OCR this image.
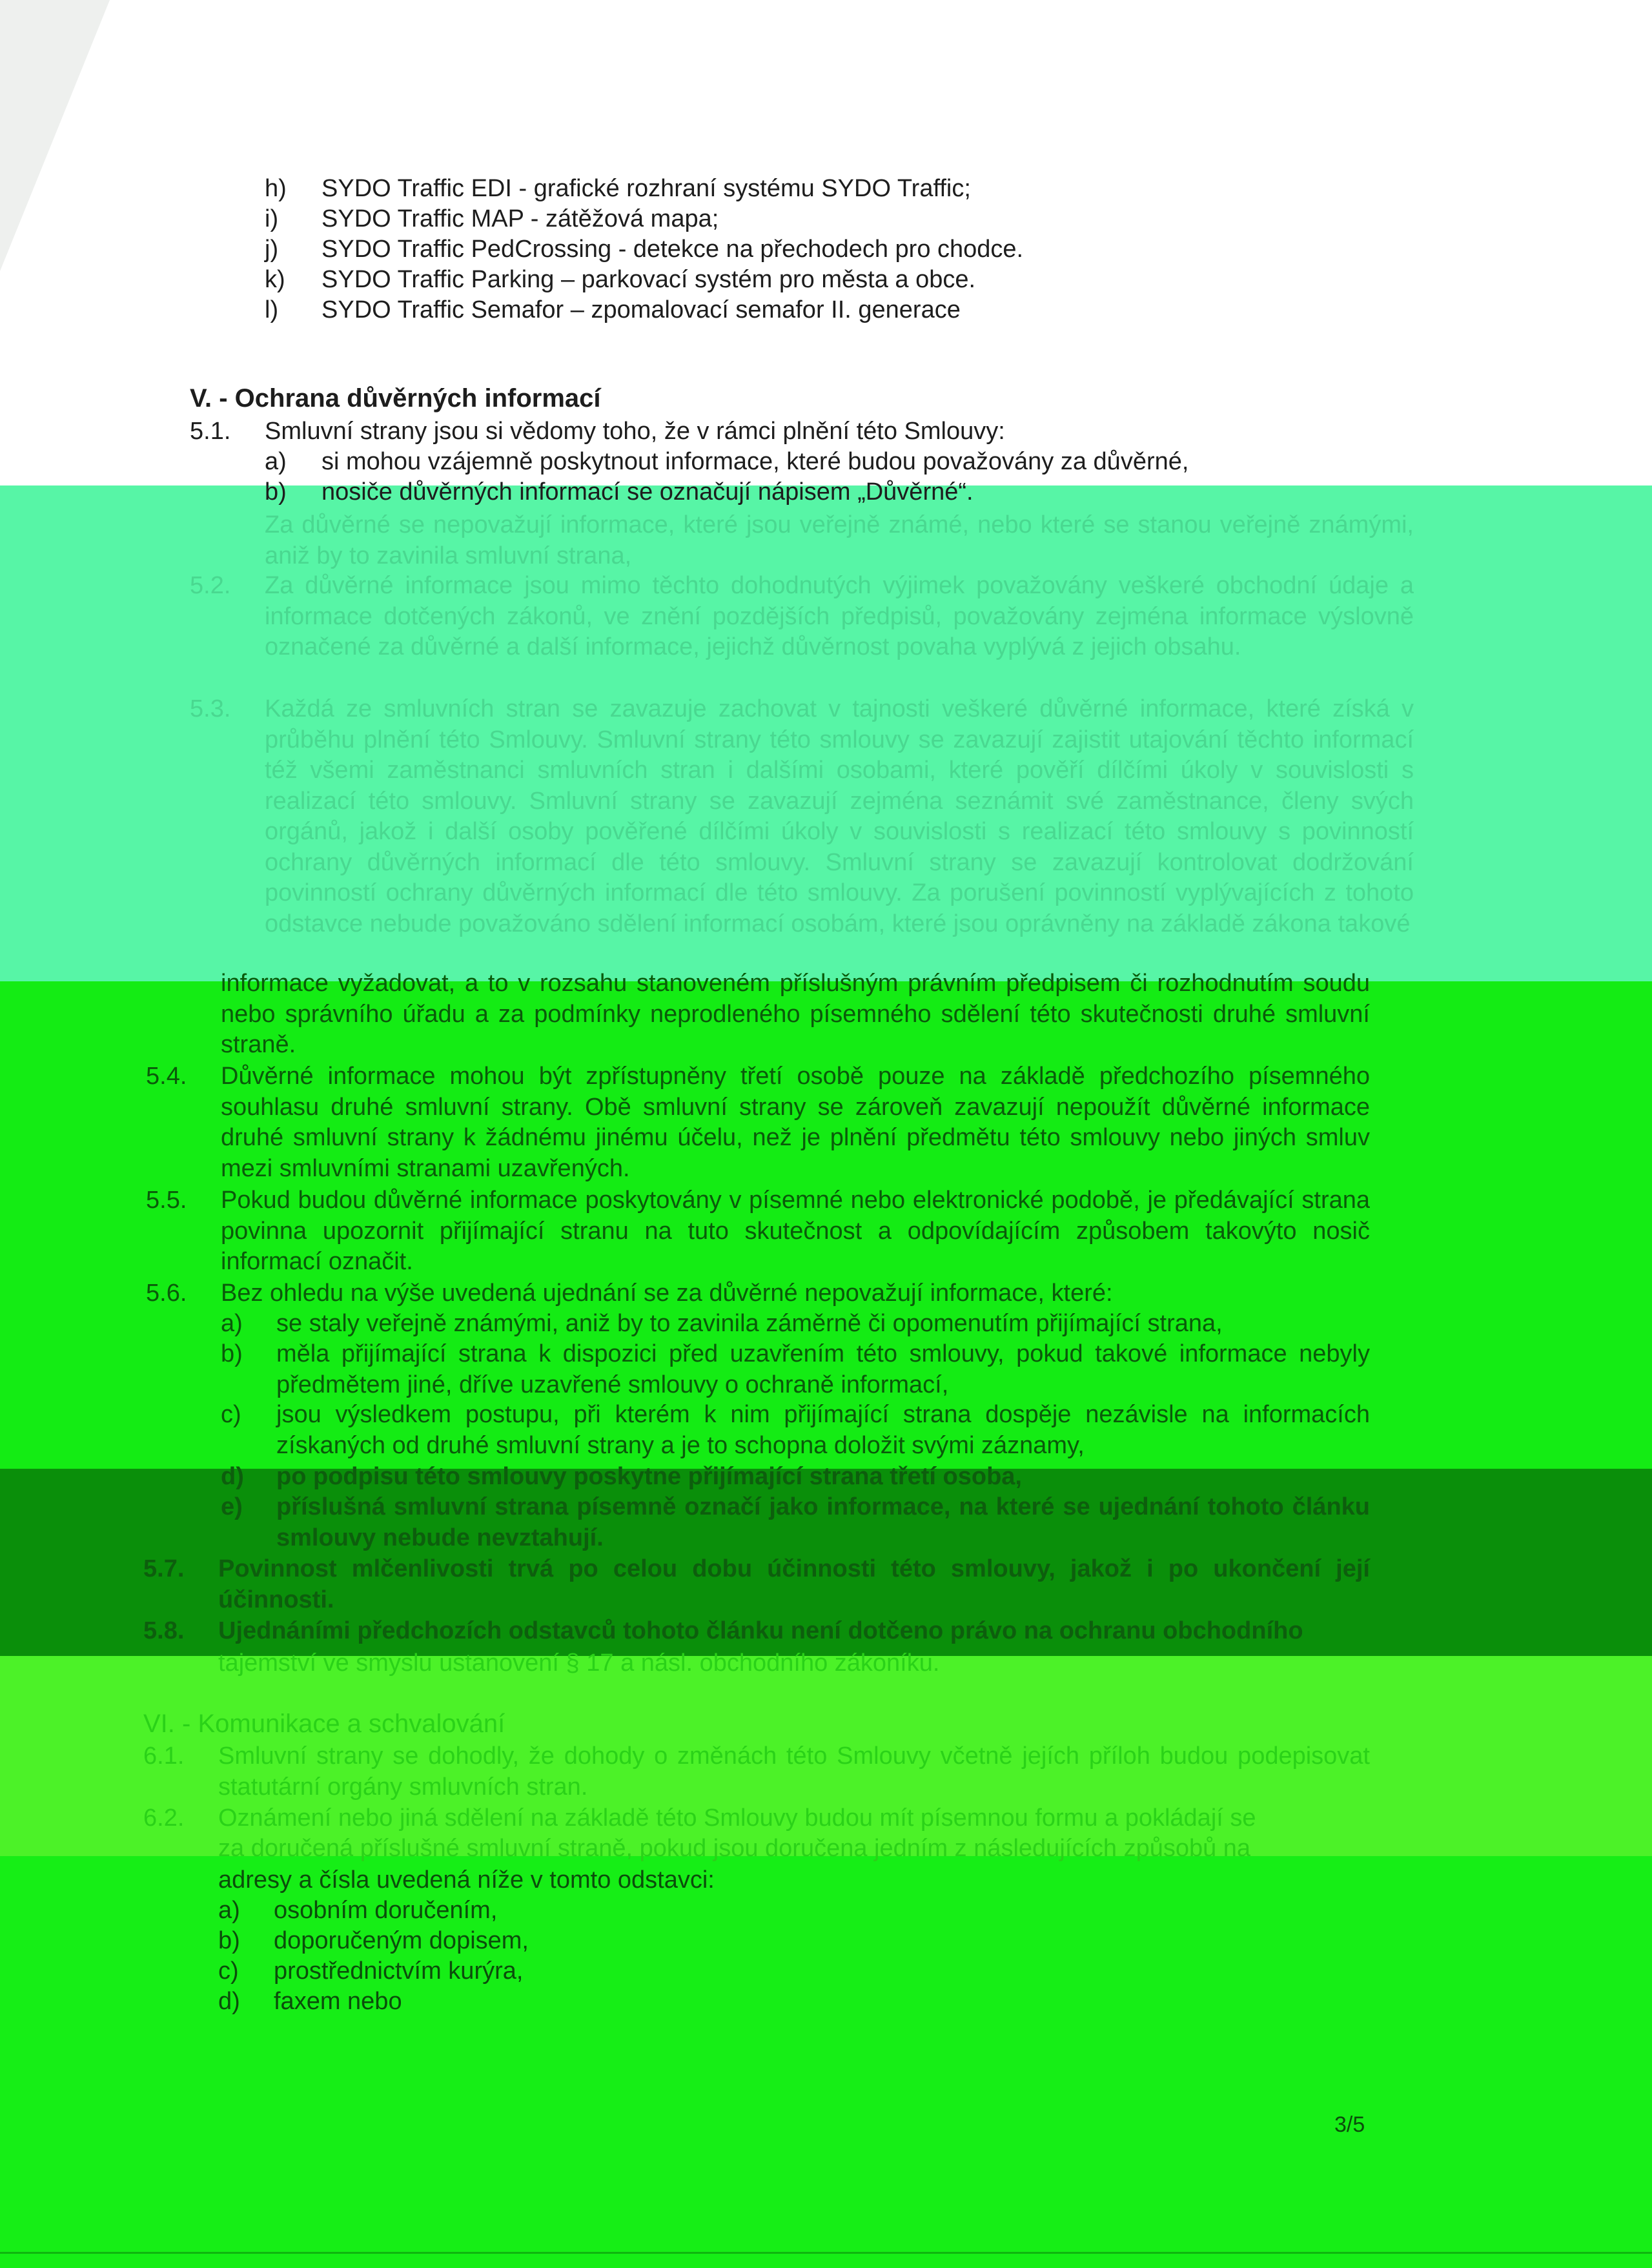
h) SYDO Traffic EDI - grafické rozhraní systému SYDO Traffic;
i) SYDO Traffic MAP - zátěžová mapa;
j) SYDO Traffic PedCrossing - detekce na přechodech pro chodce.
k) SYDO Traffic Parking – parkovací systém pro města a obce.
l) SYDO Traffic Semafor – zpomalovací semafor II. generace
V. - Ochrana důvěrných informací
5.1. Smluvní strany jsou si vědomy toho, že v rámci plnění této Smlouvy:
a) si mohou vzájemně poskytnout informace, které budou považovány za důvěrné,
b) nosiče důvěrných informací se označují nápisem „Důvěrné“.
Za důvěrné se nepovažují informace, které jsou veřejně známé, nebo které se stanou veřejně známými, aniž by to zavinila smluvní strana,
5.2. Za důvěrné informace jsou mimo těchto dohodnutých výjimek považovány veškeré obchodní údaje a informace dotčených zákonů, ve znění pozdějších předpisů, považovány zejména informace výslovně označené za důvěrné a další informace, jejichž důvěrnost povaha vyplývá z jejich obsahu.
5.3. Každá ze smluvních stran se zavazuje zachovat v tajnosti veškeré důvěrné informace, které získá v průběhu plnění této Smlouvy. Smluvní strany této smlouvy se zavazují zajistit utajování těchto informací též všemi zaměstnanci smluvních stran i dalšími osobami, které pověří dílčími úkoly v souvislosti s realizací této smlouvy. Smluvní strany se zavazují zejména seznámit své zaměstnance, členy svých orgánů, jakož i další osoby pověřené dílčími úkoly v souvislosti s realizací této smlouvy s povinností ochrany důvěrných informací dle této smlouvy. Smluvní strany se zavazují kontrolovat dodržování povinností ochrany důvěrných informací dle této smlouvy. Za porušení povinností vyplývajících z tohoto odstavce nebude považováno sdělení informací osobám, které jsou oprávněny na základě zákona takové
informace vyžadovat, a to v rozsahu stanoveném příslušným právním předpisem či rozhodnutím soudu nebo správního úřadu a za podmínky neprodleného písemného sdělení této skutečnosti druhé smluvní straně.
5.4. Důvěrné informace mohou být zpřístupněny třetí osobě pouze na základě předchozího písemného souhlasu druhé smluvní strany. Obě smluvní strany se zároveň zavazují nepoužít důvěrné informace druhé smluvní strany k žádnému jinému účelu, než je plnění předmětu této smlouvy nebo jiných smluv mezi smluvními stranami uzavřených.
5.5. Pokud budou důvěrné informace poskytovány v písemné nebo elektronické podobě, je předávající strana povinna upozornit přijímající stranu na tuto skutečnost a odpovídajícím způsobem takovýto nosič informací označit.
5.6. Bez ohledu na výše uvedená ujednání se za důvěrné nepovažují informace, které:
a) se staly veřejně známými, aniž by to zavinila záměrně či opomenutím přijímající strana,
b) měla přijímající strana k dispozici před uzavřením této smlouvy, pokud takové informace nebyly předmětem jiné, dříve uzavřené smlouvy o ochraně informací,
c) jsou výsledkem postupu, při kterém k nim přijímající strana dospěje nezávisle na informacích získaných od druhé smluvní strany a je to schopna doložit svými záznamy,
d) po podpisu této smlouvy poskytne přijímající strana třetí osoba,
e) příslušná smluvní strana písemně označí jako informace, na které se ujednání tohoto článku smlouvy nebude nevztahují.
5.7. Povinnost mlčenlivosti trvá po celou dobu účinnosti této smlouvy, jakož i po ukončení její účinnosti.
5.8. Ujednáními předchozích odstavců tohoto článku není dotčeno právo na ochranu obchodního
tajemství ve smyslu ustanovení § 17 a násl. obchodního zákoníku.
VI. - Komunikace a schvalování
6.1. Smluvní strany se dohodly, že dohody o změnách této Smlouvy včetně jejích příloh budou podepisovat statutární orgány smluvních stran.
6.2. Oznámení nebo jiná sdělení na základě této Smlouvy budou mít písemnou formu a pokládají se
za doručená příslušné smluvní straně, pokud jsou doručena jedním z následujících způsobů na
adresy a čísla uvedená níže v tomto odstavci:
a) osobním doručením,
b) doporučeným dopisem,
c) prostřednictvím kurýra,
d) faxem nebo
3/5
